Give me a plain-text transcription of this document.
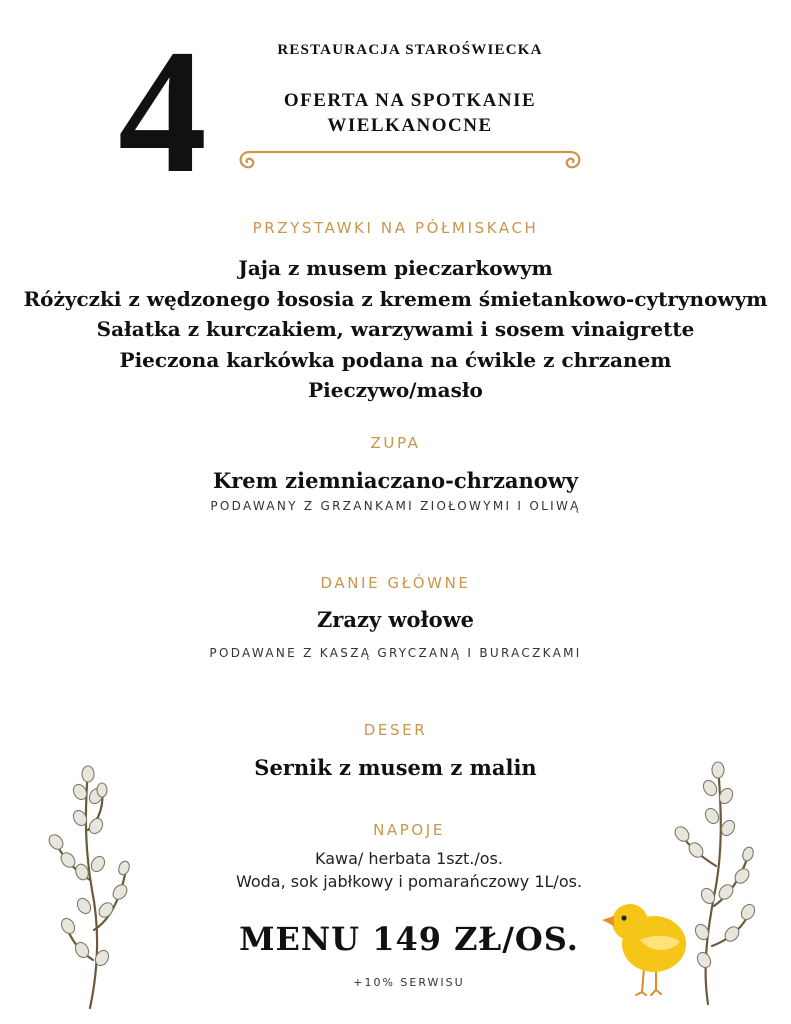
4	RESTAURACJA STAROŚWIECKA
OFERTA NA SPOTKANIE
WIELKANOCNE
PRZYSTAWKI NA PÓŁMISKACH
Jaja z musem pieczarkowym
Różyczki z wędzonego łososia z kremem śmietankowo-cytrynowym
Sałatka z kurczakiem, warzywami i sosem vinaigrette
Pieczona karkówka podana na ćwikle z chrzanem
Pieczywo/masło
ZUPA
Krem ziemniaczano-chrzanowy
PODAWANY Z GRZANKAMI ZIOŁOWYMI I OLIWĄ
DANIE GŁÓWNE
Zrazy wołowe
PODAWANE Z KASZĄ GRYCZANĄ I BURACZKAMI
DESER
Sernik z musem z malin
NAPOJE
Kawa/ herbata 1szt./os.
Woda, sok jabłkowy i pomarańczowy 1L/os.
MENU 149 ZŁ/OS.
+10% SERWISU
